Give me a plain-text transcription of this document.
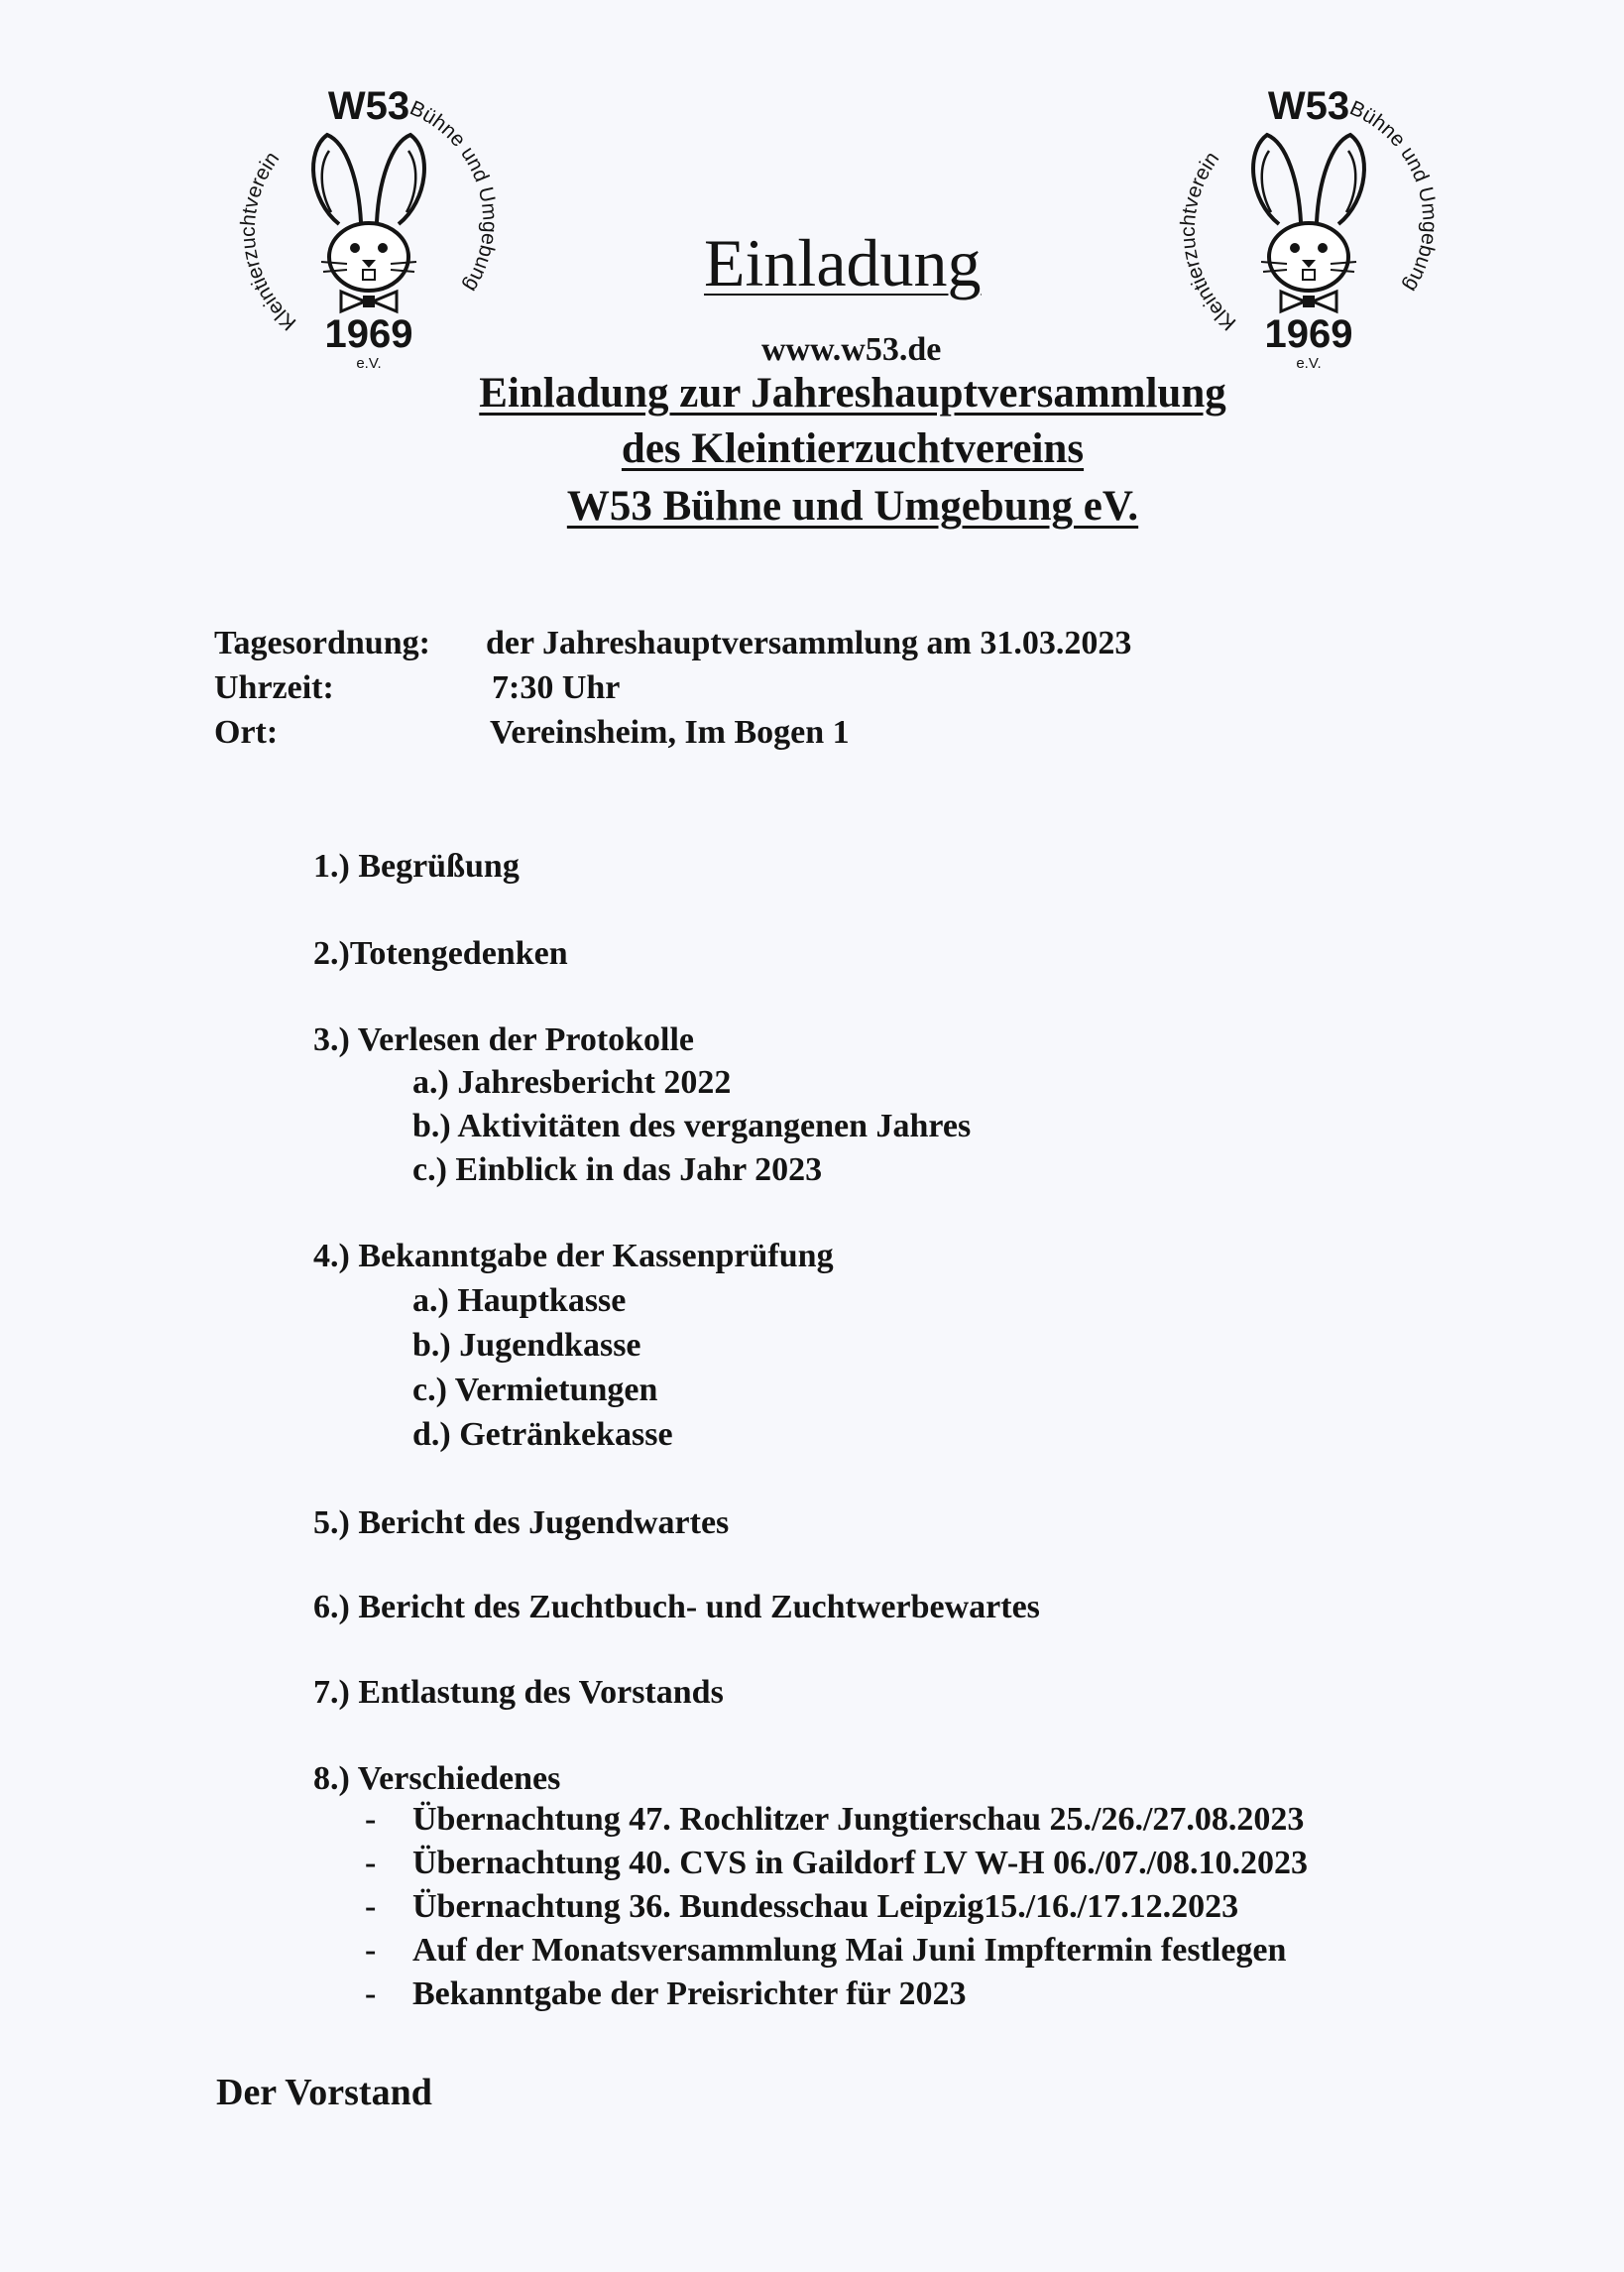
Kleintierzuchtverein
Bühne und Umgebung
W53
1969
e.V.
Kleintierzuchtverein
Bühne und Umgebung
W53
1969
e.V.
Einladung
www.w53.de
Einladung zur Jahreshauptversammlung
des Kleintierzuchtvereins
W53 Bühne und Umgebung eV.
Tagesordnung: der Jahreshauptversammlung am 31.03.2023
Uhrzeit:	7:30 Uhr
Ort:	Vereinsheim, Im Bogen 1
1.) Begrüßung
2.)Totengedenken
3.) Verlesen der Protokolle
a.) Jahresbericht 2022
b.) Aktivitäten des vergangenen Jahres
c.) Einblick in das Jahr 2023
4.) Bekanntgabe der Kassenprüfung
a.) Hauptkasse
b.) Jugendkasse
c.) Vermietungen
d.) Getränkekasse
5.) Bericht des Jugendwartes
6.) Bericht des Zuchtbuch- und Zuchtwerbewartes
7.) Entlastung des Vorstands
8.) Verschiedenes
- Übernachtung 47. Rochlitzer Jungtierschau 25./26./27.08.2023
- Übernachtung 40. CVS in Gaildorf LV W-H 06./07./08.10.2023
- Übernachtung 36. Bundesschau Leipzig15./16./17.12.2023
- Auf der Monatsversammlung Mai Juni Impftermin festlegen
- Bekanntgabe der Preisrichter für 2023
Der Vorstand
